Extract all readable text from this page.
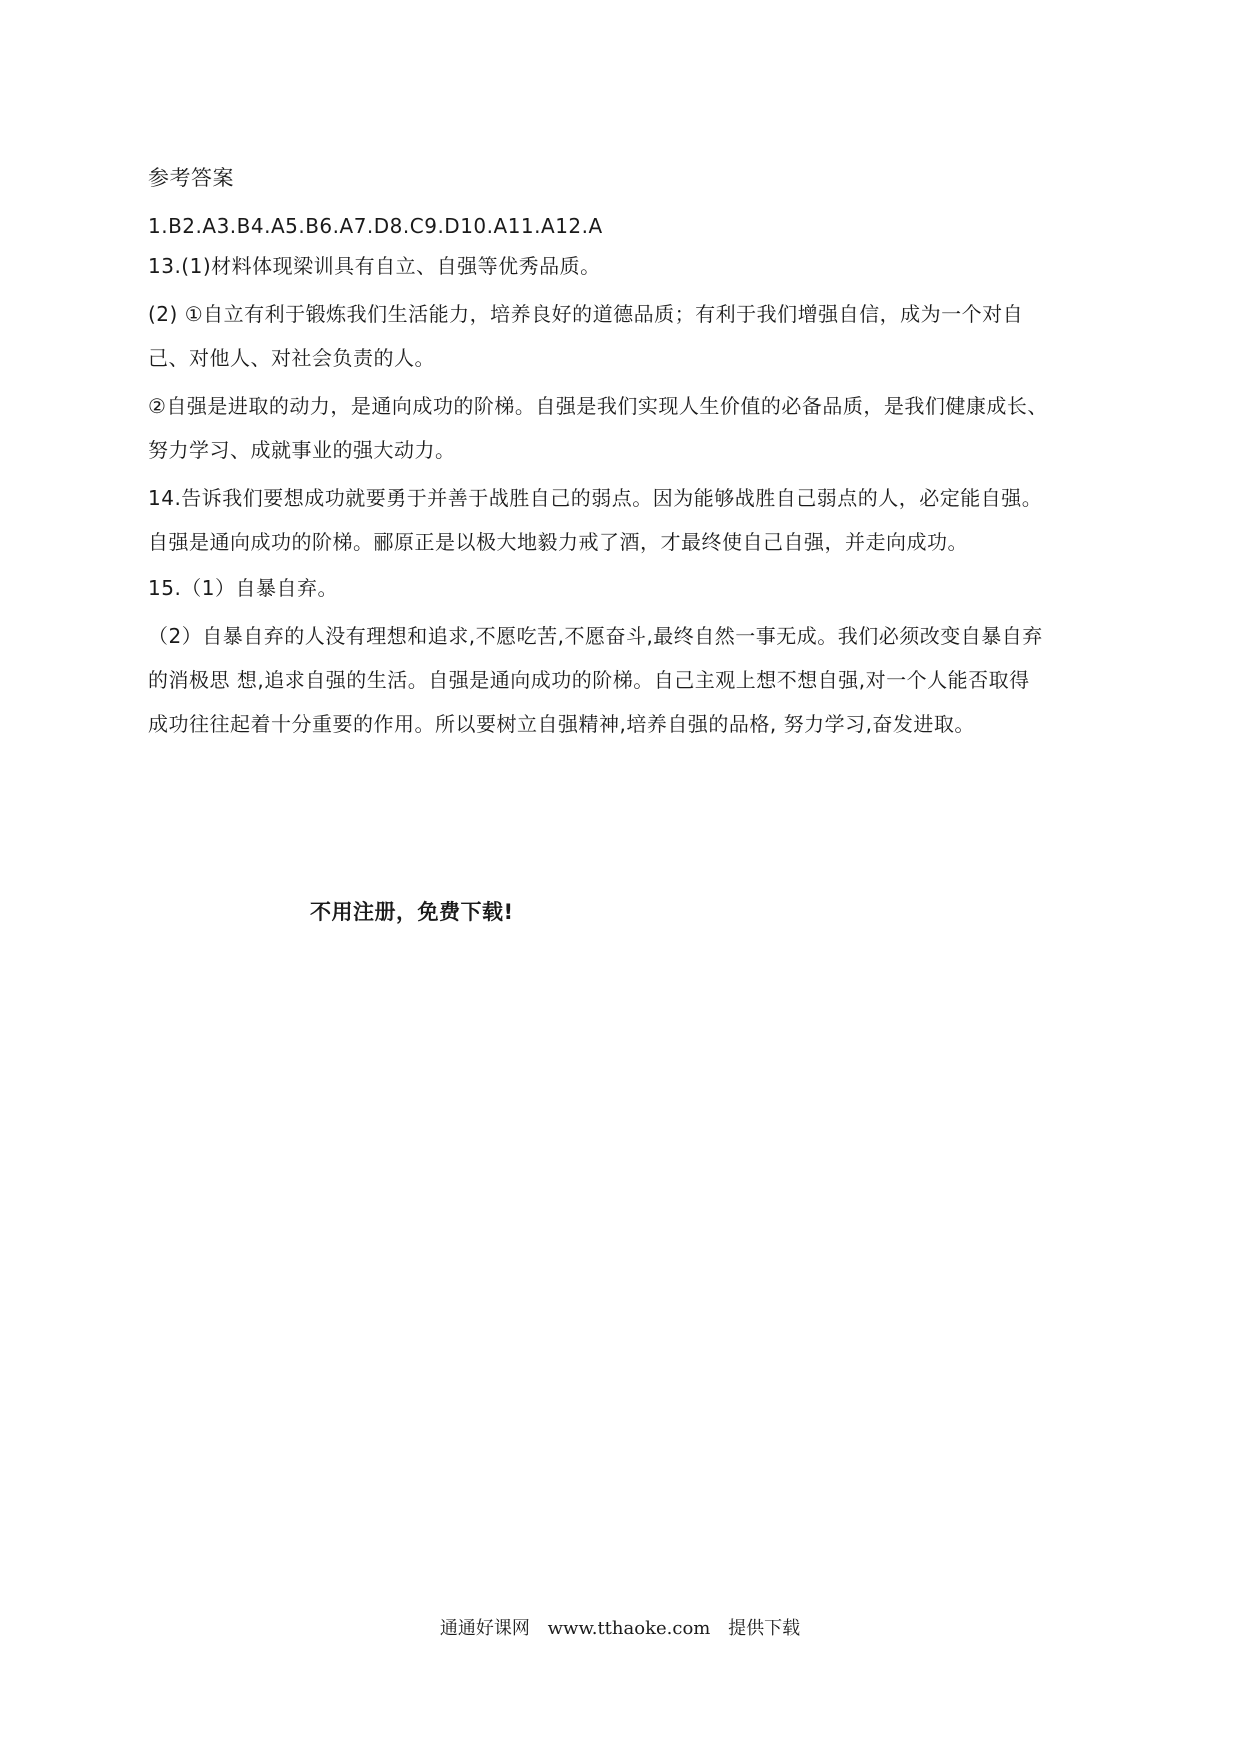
参考答案

1.B2.A3.B4.A5.B6.A7.D8.C9.D10.A11.A12.A

13.(1)材料体现梁训具有自立、自强等优秀品质。

(2) ①自立有利于锻炼我们生活能力，培养良好的道德品质；有利于我们增强自信，成为一个对自

己、对他人、对社会负责的人。

②自强是进取的动力，是通向成功的阶梯。自强是我们实现人生价值的必备品质，是我们健康成长、

努力学习、成就事业的强大动力。

14.告诉我们要想成功就要勇于并善于战胜自己的弱点。因为能够战胜自己弱点的人，必定能自强。

自强是通向成功的阶梯。郦原正是以极大地毅力戒了酒，才最终使自己自强，并走向成功。

15.（1）自暴自弃。

（2）自暴自弃的人没有理想和追求,不愿吃苦,不愿奋斗,最终自然一事无成。我们必须改变自暴自弃

的消极思 想,追求自强的生活。自强是通向成功的阶梯。自己主观上想不想自强,对一个人能否取得

成功往往起着十分重要的作用。所以要树立自强精神,培养自强的品格, 努力学习,奋发进取。

不用注册，免费下载!
通通好课网 www.tthaoke.com 提供下载
